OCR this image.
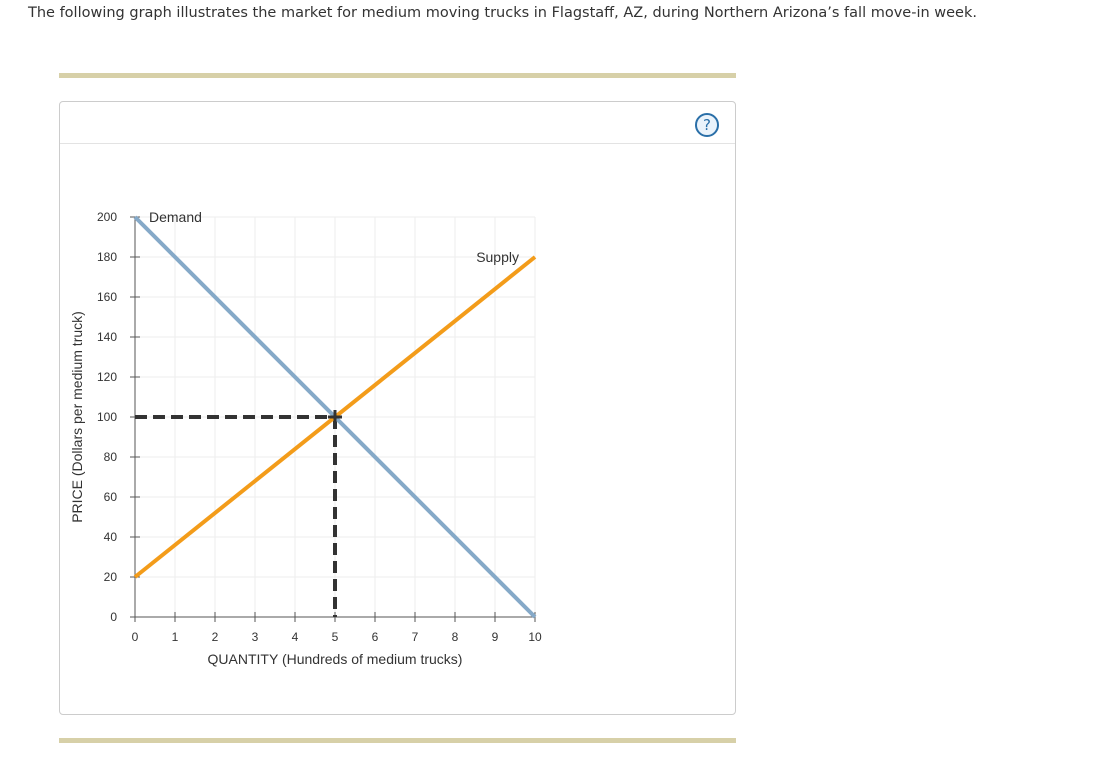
The following graph illustrates the market for medium moving trucks in Flagstaff, AZ, during Northern Arizona’s fall move-in week.

?
0
20
40
60
80
100
120
140
160
180
200
0	1	2	3	4	5	6	7	8	9 10
QUANTITY (Hundreds of medium trucks)
PRICE (Dollars per medium truck)
Demand
Supply
